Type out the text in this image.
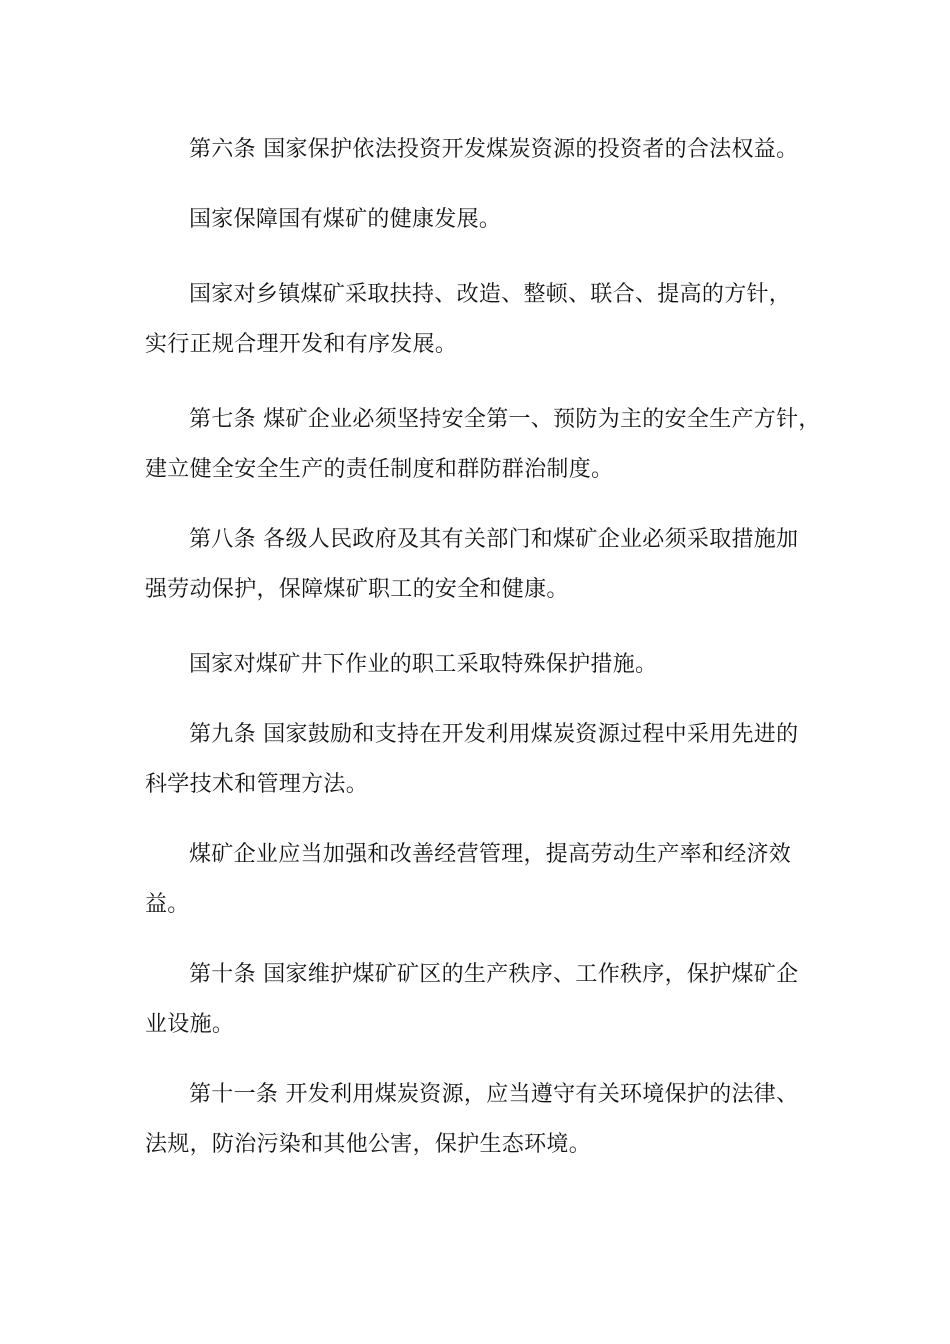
第六条 国家保护依法投资开发煤炭资源的投资者的合法权益。
国家保障国有煤矿的健康发展。
国家对乡镇煤矿采取扶持、改造、整顿、联合、提高的方针，
实行正规合理开发和有序发展。
第七条 煤矿企业必须坚持安全第一、预防为主的安全生产方针，
建立健全安全生产的责任制度和群防群治制度。
第八条 各级人民政府及其有关部门和煤矿企业必须采取措施加
强劳动保护，保障煤矿职工的安全和健康。
国家对煤矿井下作业的职工采取特殊保护措施。
第九条 国家鼓励和支持在开发利用煤炭资源过程中采用先进的
科学技术和管理方法。
煤矿企业应当加强和改善经营管理，提高劳动生产率和经济效
益。
第十条 国家维护煤矿矿区的生产秩序、工作秩序，保护煤矿企
业设施。
第十一条 开发利用煤炭资源，应当遵守有关环境保护的法律、
法规，防治污染和其他公害，保护生态环境。
